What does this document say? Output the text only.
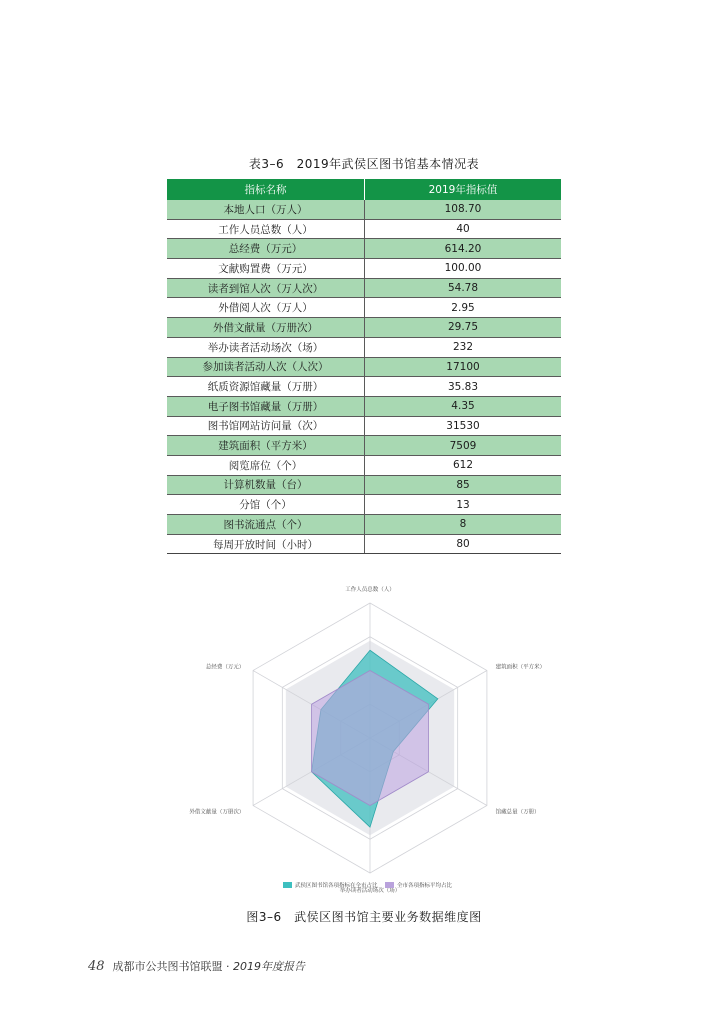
表3–6　2019年武侯区图书馆基本情况表
指标名称	2019年指标值
本地人口（万人）	108.70
工作人员总数（人）	40
总经费（万元）	614.20
文献购置费（万元）	100.00
读者到馆人次（万人次）	54.78
外借阅人次（万人）	2.95
外借文献量（万册次）	29.75
举办读者活动场次（场）	232
参加读者活动人次（人次）	17100
纸质资源馆藏量（万册）	35.83
电子图书馆藏量（万册）	4.35
图书馆网站访问量（次）	31530
建筑面积（平方米）	7509
阅览席位（个）	612
计算机数量（台）	85
分馆（个）	13
图书流通点（个）	8
每周开放时间（小时）	80
工作人员总数（人）
建筑面积（平方米）
馆藏总量（万册）
举办读者活动场次（场）
外借文献量（万册次）
总经费（万元）
武侯区图书馆各项指标在全市占比	全市各项指标平均占比
图3–6　武侯区图书馆主要业务数据维度图
48 成都市公共图书馆联盟 · 2019年度报告
